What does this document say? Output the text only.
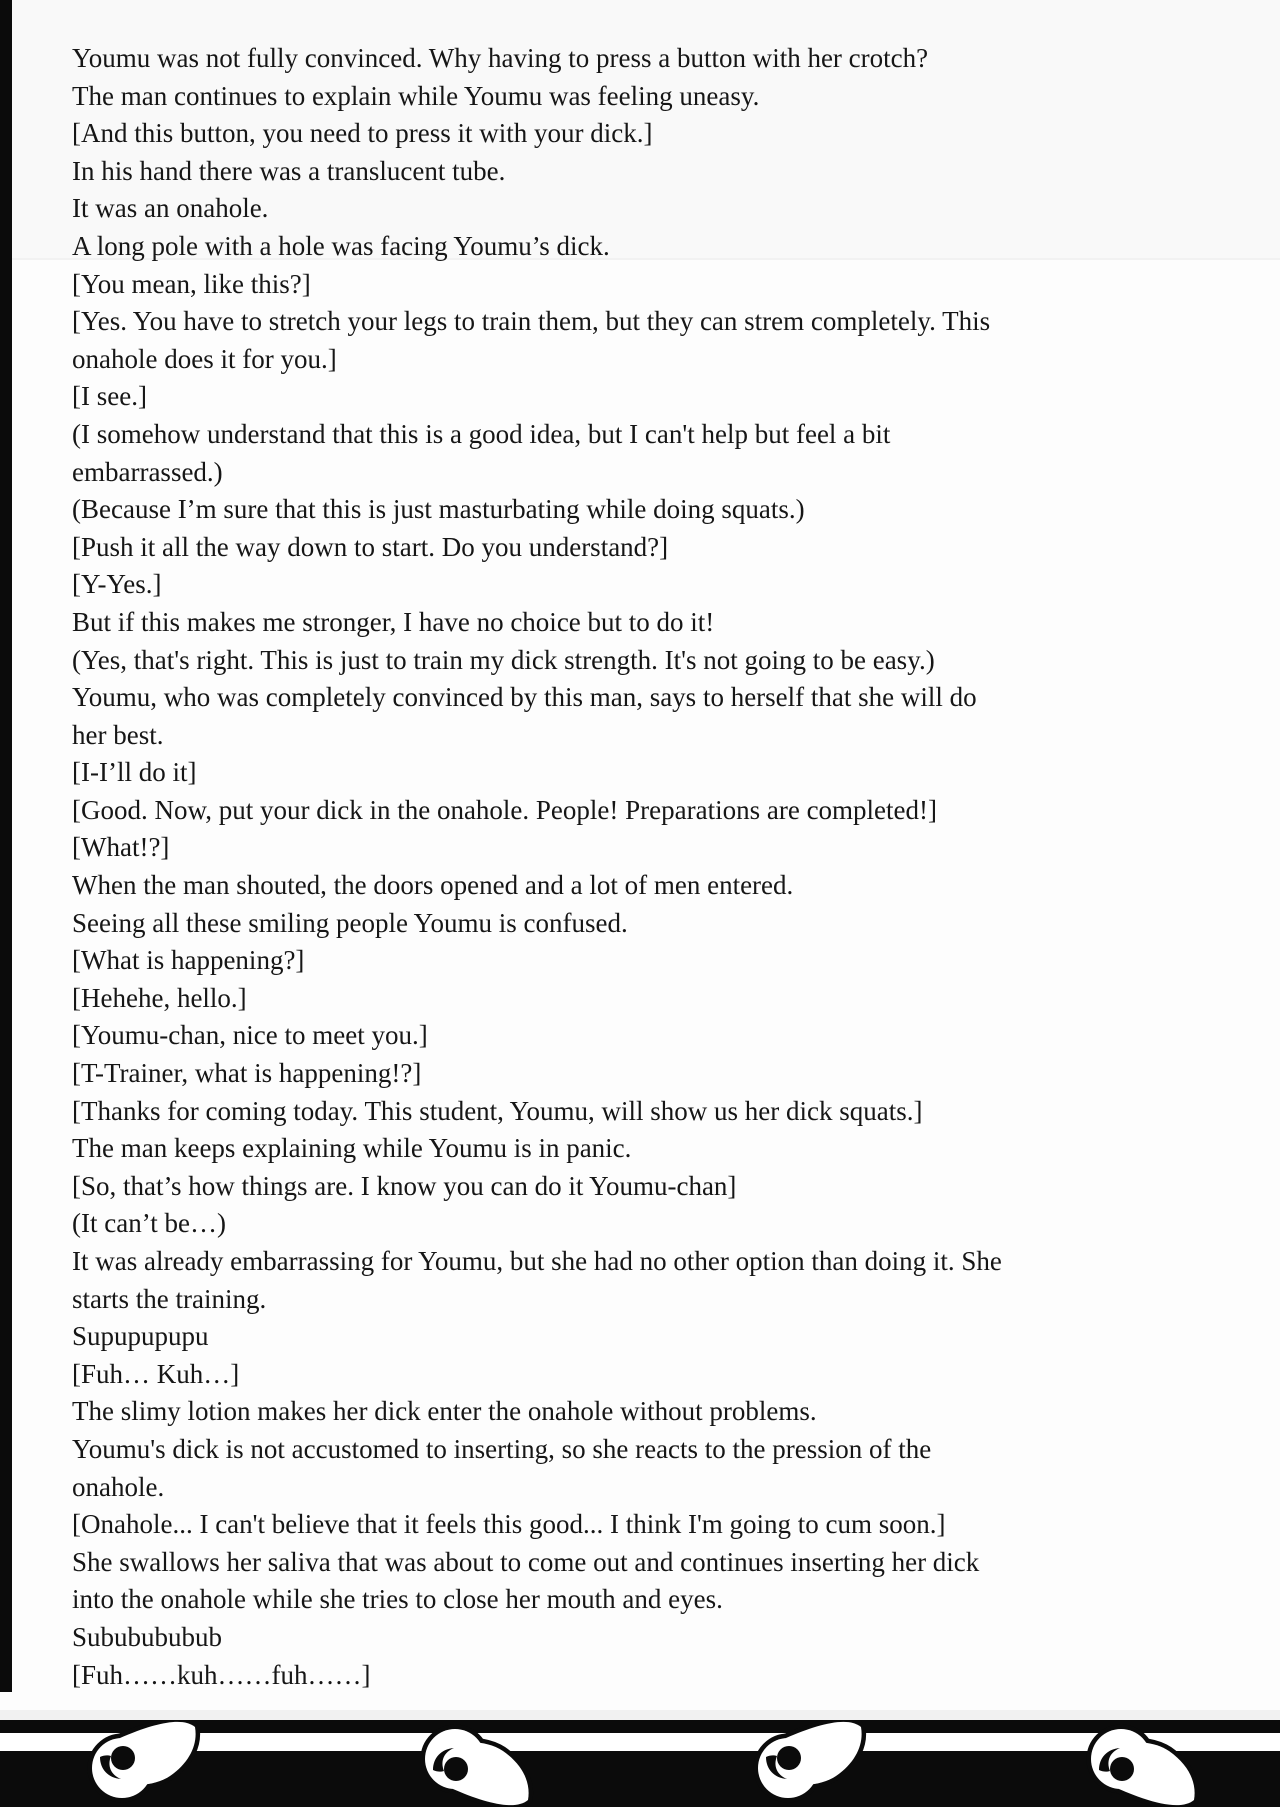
Youmu was not fully convinced. Why having to press a button with her crotch?

The man continues to explain while Youmu was feeling uneasy.

[And this button, you need to press it with your dick.]

In his hand there was a translucent tube.

It was an onahole.

A long pole with a hole was facing Youmu’s dick.

[You mean, like this?]

[Yes. You have to stretch your legs to train them, but they can strem completely. This

onahole does it for you.]

[I see.]

(I somehow understand that this is a good idea, but I can't help but feel a bit

embarrassed.)

(Because I’m sure that this is just masturbating while doing squats.)

[Push it all the way down to start. Do you understand?]

[Y-Yes.]

But if this makes me stronger, I have no choice but to do it!

(Yes, that's right. This is just to train my dick strength. It's not going to be easy.)

Youmu, who was completely convinced by this man, says to herself that she will do

her best.

[I-I’ll do it]

[Good. Now, put your dick in the onahole. People! Preparations are completed!]

[What!?]

When the man shouted, the doors opened and a lot of men entered.

Seeing all these smiling people Youmu is confused.

[What is happening?]

[Hehehe, hello.]

[Youmu-chan, nice to meet you.]

[T-Trainer, what is happening!?]

[Thanks for coming today. This student, Youmu, will show us her dick squats.]

The man keeps explaining while Youmu is in panic.

[So, that’s how things are. I know you can do it Youmu-chan]

(It can’t be…)

It was already embarrassing for Youmu, but she had no other option than doing it. She

starts the training.

Supupupupu

[Fuh… Kuh…]

The slimy lotion makes her dick enter the onahole without problems.

Youmu's dick is not accustomed to inserting, so she reacts to the pression of the

onahole.

[Onahole... I can't believe that it feels this good... I think I'm going to cum soon.]

She swallows her saliva that was about to come out and continues inserting her dick

into the onahole while she tries to close her mouth and eyes.

Sububububub

[Fuh……kuh……fuh……]
